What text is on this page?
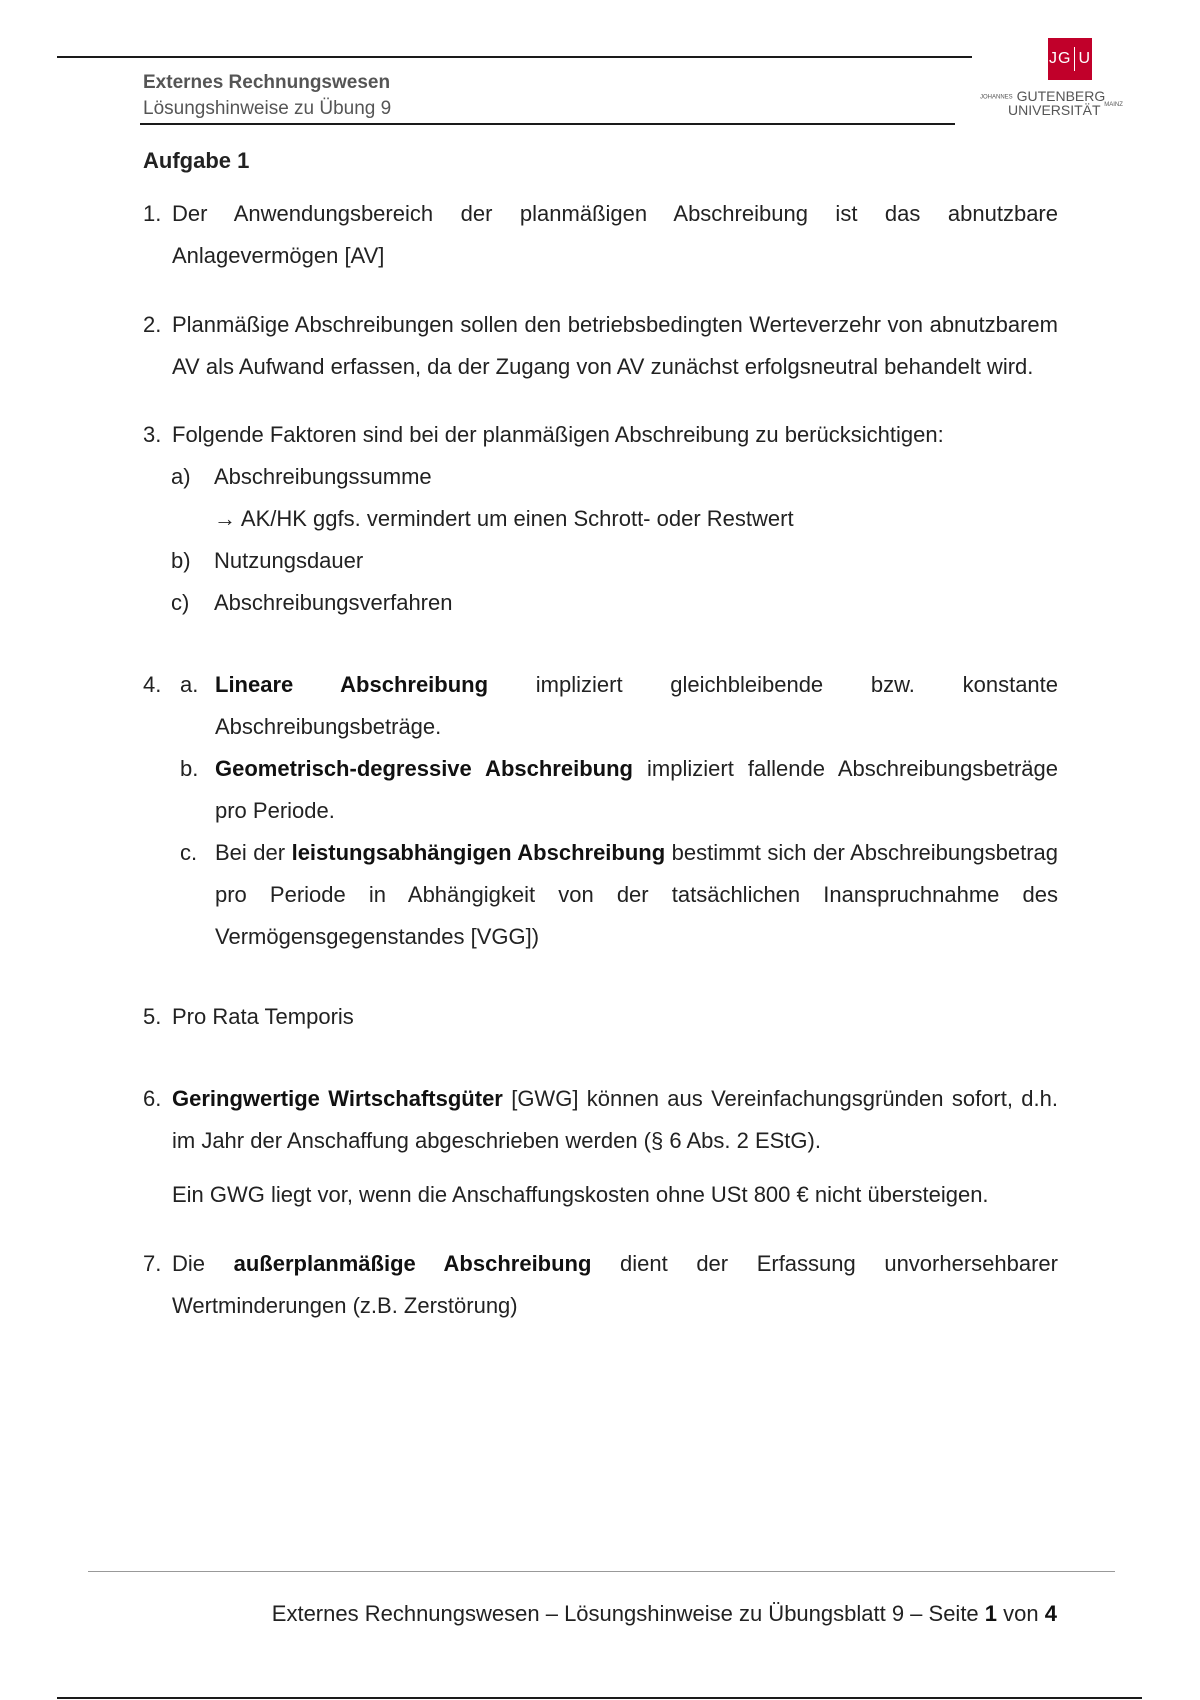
Externes Rechnungswesen
Lösungshinweise zu Übung 9
JG U
JOHANNES GUTENBERG
UNIVERSITÄT $^{MAINZ}$
Aufgabe 1
1. Der Anwendungsbereich der planmäßigen Abschreibung ist das abnutzbare Anlagevermögen [AV]
2. Planmäßige Abschreibungen sollen den betriebsbedingten Werteverzehr von abnutzbarem AV als Aufwand erfassen, da der Zugang von AV zunächst erfolgsneutral behandelt wird.
3. Folgende Faktoren sind bei der planmäßigen Abschreibung zu berücksichtigen:
a) Abschreibungssumme
→ AK/HK ggfs. vermindert um einen Schrott- oder Restwert
b) Nutzungsdauer
c) Abschreibungsverfahren
4. a. Lineare Abschreibung impliziert gleichbleibende bzw. konstante Abschreibungsbeträge.
b. Geometrisch-degressive Abschreibung impliziert fallende Abschreibungsbeträge pro Periode.
c. Bei der leistungsabhängigen Abschreibung bestimmt sich der Abschreibungsbetrag pro Periode in Abhängigkeit von der tatsächlichen Inanspruchnahme des Vermögensgegenstandes [VGG])
5. Pro Rata Temporis
6. Geringwertige Wirtschaftsgüter [GWG] können aus Vereinfachungsgründen sofort, d.h. im Jahr der Anschaffung abgeschrieben werden (§ 6 Abs. 2 EStG).
Ein GWG liegt vor, wenn die Anschaffungskosten ohne USt 800 € nicht übersteigen.
7. Die außerplanmäßige Abschreibung dient der Erfassung unvorhersehbarer Wertminderungen (z.B. Zerstörung)
Externes Rechnungswesen – Lösungshinweise zu Übungsblatt 9 – Seite 1 von 4
